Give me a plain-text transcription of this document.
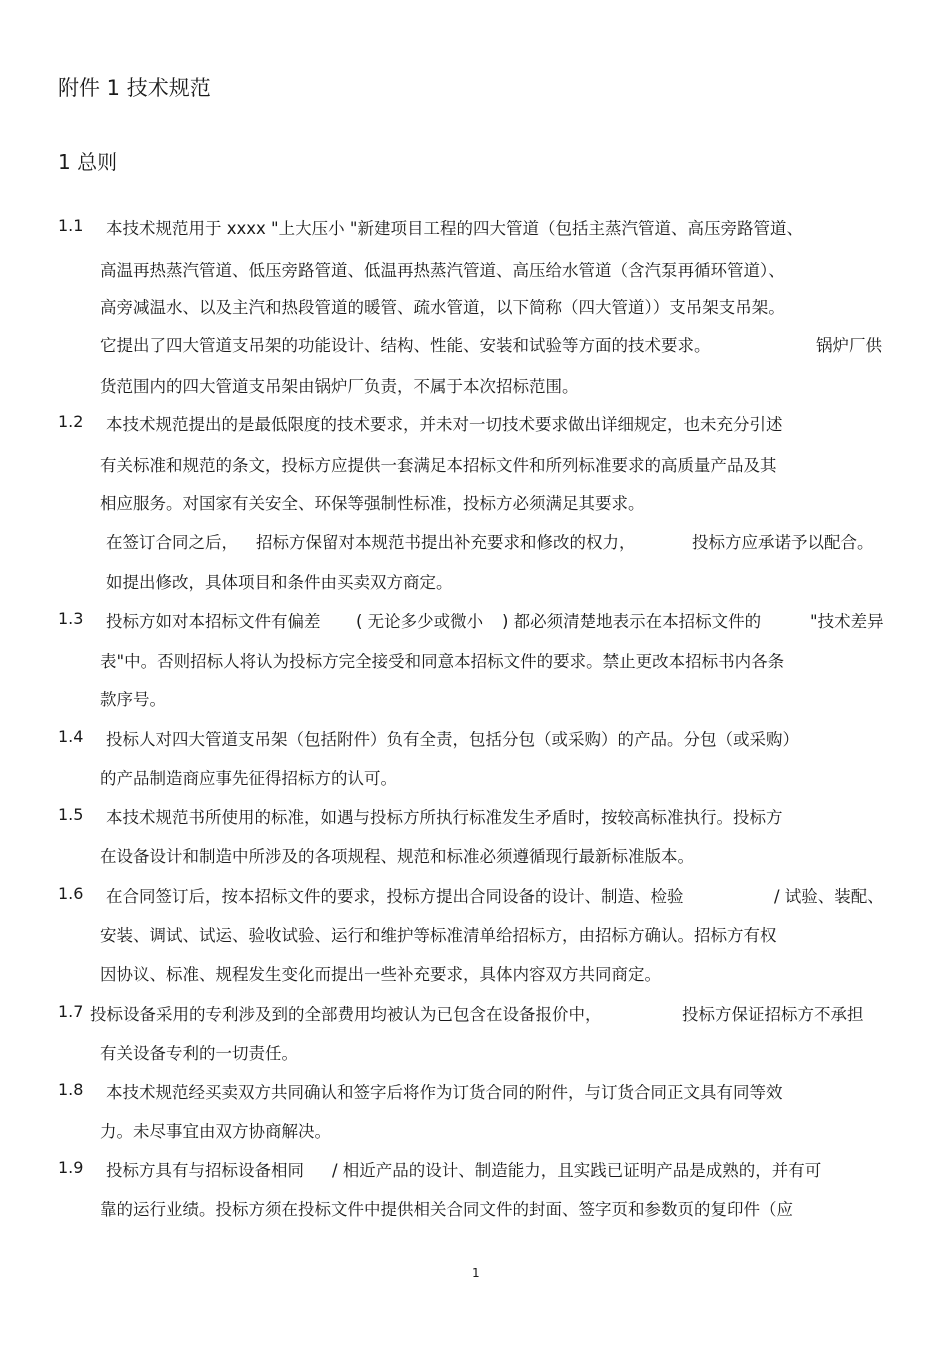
附件 1 技术规范
1 总则
1.1 本技术规范用于 xxxx "上大压小 "新建项目工程的四大管道（包括主蒸汽管道、高压旁路管道、
高温再热蒸汽管道、低压旁路管道、低温再热蒸汽管道、高压给水管道（含汽泵再循环管道）、
高旁减温水、以及主汽和热段管道的暖管、疏水管道，以下简称（四大管道））支吊架支吊架。
它提出了四大管道支吊架的功能设计、结构、性能、安装和试验等方面的技术要求。	锅炉厂供
货范围内的四大管道支吊架由锅炉厂负责，不属于本次招标范围。
1.2 本技术规范提出的是最低限度的技术要求，并未对一切技术要求做出详细规定，也未充分引述
有关标准和规范的条文，投标方应提供一套满足本招标文件和所列标准要求的高质量产品及其
相应服务。对国家有关安全、环保等强制性标准，投标方必须满足其要求。
在签订合同之后， 招标方保留对本规范书提出补充要求和修改的权力，	投标方应承诺予以配合。
如提出修改，具体项目和条件由买卖双方商定。
1.3 投标方如对本招标文件有偏差 ( 无论多少或微小 ) 都必须清楚地表示在本招标文件的	"技术差异
表"中。否则招标人将认为投标方完全接受和同意本招标文件的要求。禁止更改本招标书内各条
款序号。
1.4 投标人对四大管道支吊架（包括附件）负有全责，包括分包（或采购）的产品。分包（或采购）
的产品制造商应事先征得招标方的认可。
1.5 本技术规范书所使用的标准，如遇与投标方所执行标准发生矛盾时，按较高标准执行。投标方
在设备设计和制造中所涉及的各项规程、规范和标准必须遵循现行最新标准版本。
1.6 在合同签订后，按本招标文件的要求，投标方提出合同设备的设计、制造、检验	/ 试验、装配、
安装、调试、试运、验收试验、运行和维护等标准清单给招标方，由招标方确认。招标方有权
因协议、标准、规程发生变化而提出一些补充要求，具体内容双方共同商定。
1.7 投标设备采用的专利涉及到的全部费用均被认为已包含在设备报价中，	投标方保证招标方不承担
有关设备专利的一切责任。
1.8 本技术规范经买卖双方共同确认和签字后将作为订货合同的附件，与订货合同正文具有同等效
力。未尽事宜由双方协商解决。
1.9 投标方具有与招标设备相同 / 相近产品的设计、制造能力，且实践已证明产品是成熟的，并有可
靠的运行业绩。投标方须在投标文件中提供相关合同文件的封面、签字页和参数页的复印件（应
1
